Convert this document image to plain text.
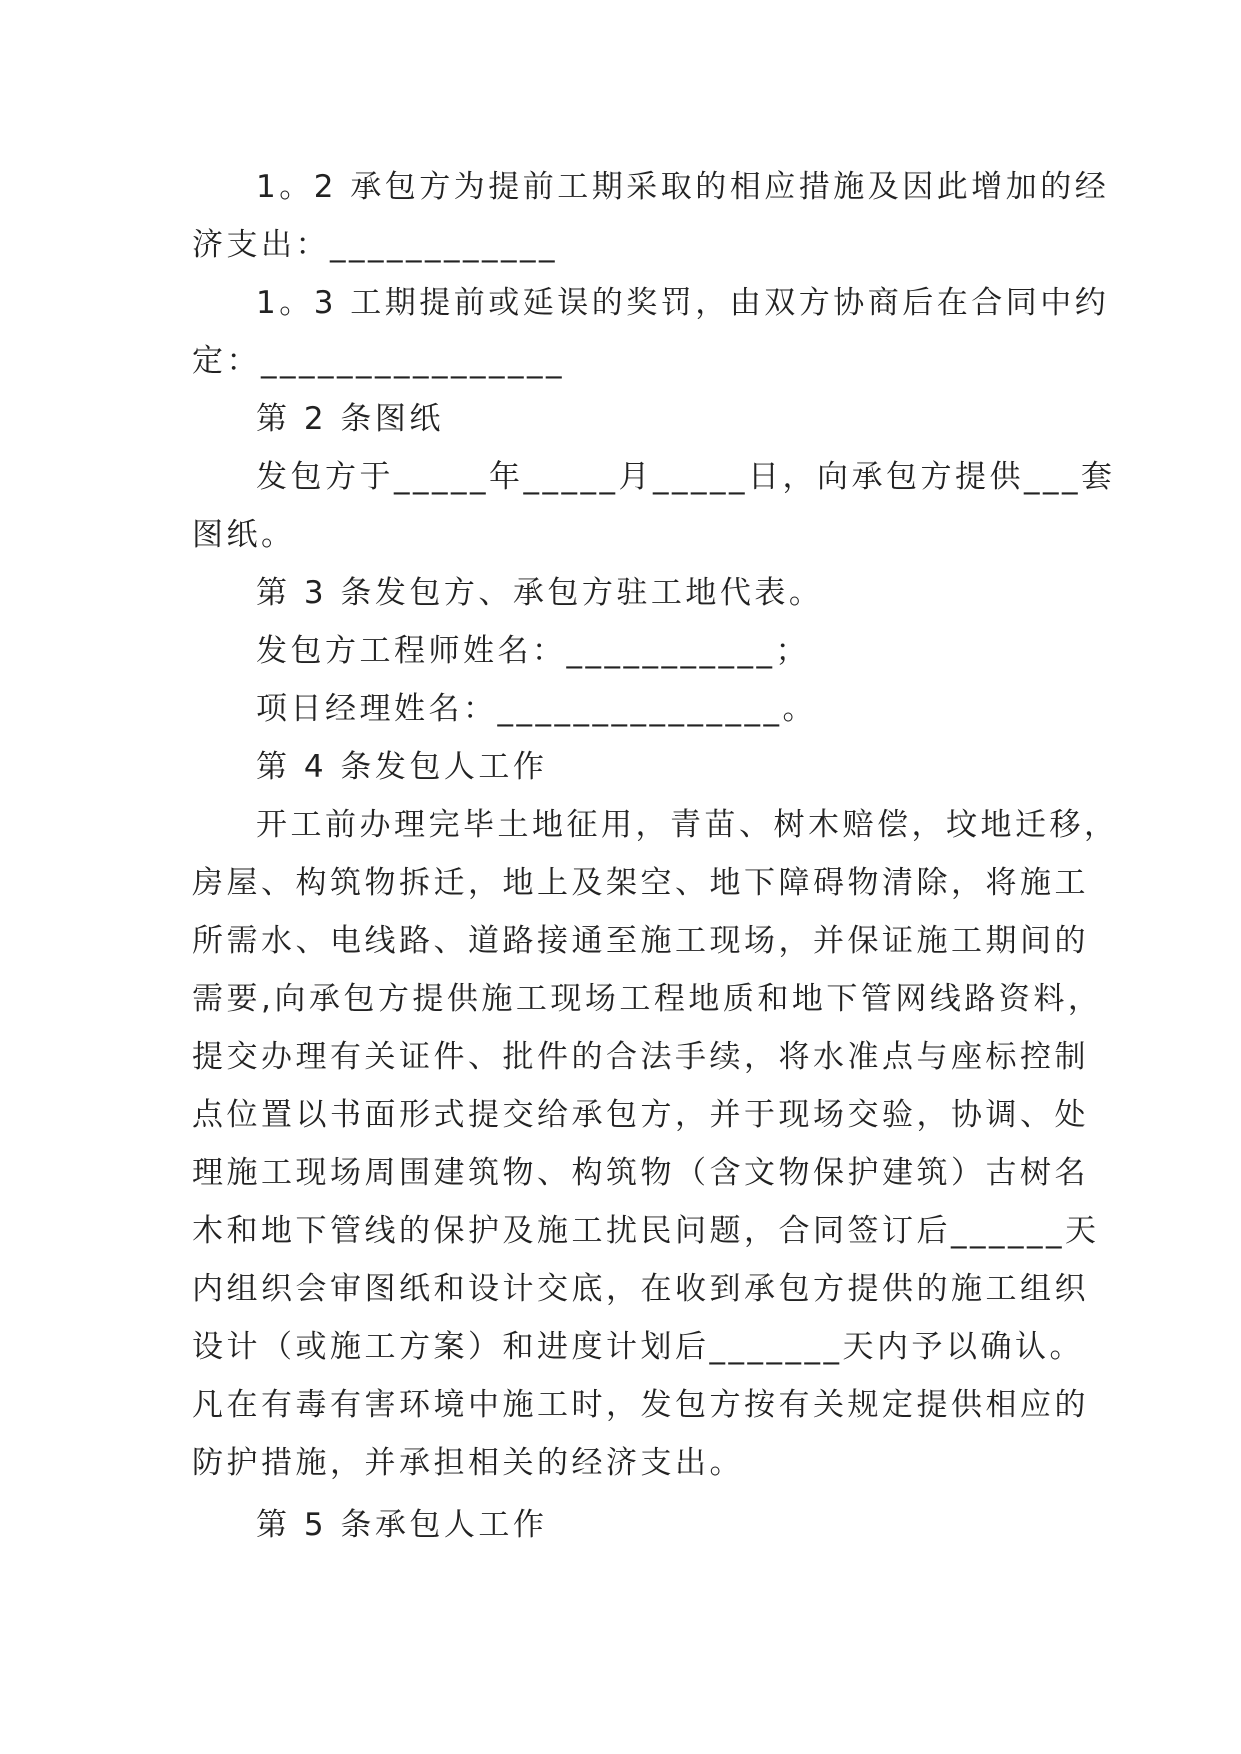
1。2 承包方为提前工期采取的相应措施及因此增加的经
济支出：____________
1。3 工期提前或延误的奖罚，由双方协商后在合同中约
定：________________
第 2 条图纸
发包方于_____年_____月_____日，向承包方提供___套
图纸。
第 3 条发包方、承包方驻工地代表。
发包方工程师姓名：___________；
项日经理姓名：_______________。
第 4 条发包人工作
开工前办理完毕土地征用，青苗、树木赔偿，坟地迁移，
房屋、构筑物拆迁，地上及架空、地下障碍物清除，将施工
所需水、电线路、道路接通至施工现场，并保证施工期间的
需要,向承包方提供施工现场工程地质和地下管网线路资料，
提交办理有关证件、批件的合法手续，将水准点与座标控制
点位置以书面形式提交给承包方，并于现场交验，协调、处
理施工现场周围建筑物、构筑物（含文物保护建筑）古树名
木和地下管线的保护及施工扰民问题，合同签订后______天
内组织会审图纸和设计交底，在收到承包方提供的施工组织
设计（或施工方案）和进度计划后_______天内予以确认。
凡在有毒有害环境中施工时，发包方按有关规定提供相应的
防护措施，并承担相关的经济支出。
第 5 条承包人工作
